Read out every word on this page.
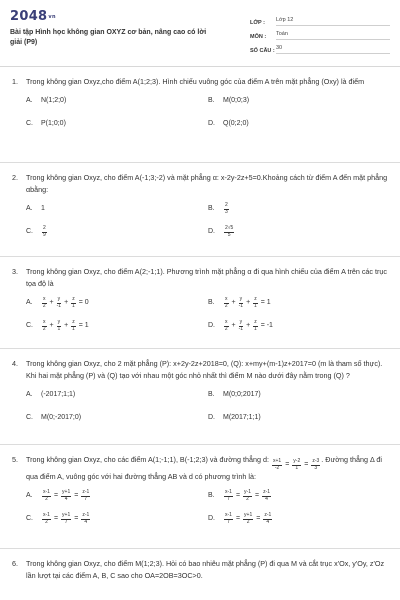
2048vn
Bài tập Hình học không gian OXYZ cơ bản, nâng cao có lời
giải (P9)
LỚP :	Lớp 12
MÔN :	Toán
SỐ CÂU : 30
1.	Trong không gian Oxyz,cho điểm A(1;2;3). Hình chiếu vuông góc của điểm A trên mặt phẳng (Oxy) là điểm
A.	N(1;2;0)	B.	M(0;0;3)
C.	P(1;0;0)	D.	Q(0;2;0)
2.	Trong không gian Oxyz, cho điểm A(-1;3;-2) và mặt phẳng α: x-2y-2z+5=0.Khoảng cách từ điểm A đến mặt phẳng αbằng:
A.	1	B.	$\frac{2}{3}$
C.	$\frac{2}{9}$	D.	$\frac{2√5}{5}$
3.	Trong không gian Oxyz, cho điểm A(2;-1;1). Phương trình mặt phẳng α đi qua hình chiếu của điểm A trên các trục tọa độ là
A.	$\frac{x}{2} + \frac{y}{-1} + \frac{z}{1} = 0$	B.	$\frac{x}{2} + \frac{y}{-1} + \frac{z}{1} = 1$
C.	$\frac{x}{2} + \frac{y}{1} + \frac{z}{1} = 1$	D.	$\frac{x}{2} + \frac{y}{-1} + \frac{z}{1} = -1$
4.	Trong không gian Oxyz, cho 2 mặt phẳng (P): x+2y-2z+2018=0, (Q): x+my+(m-1)z+2017=0 (m là tham số thực). Khi hai mặt phẳng (P) và (Q) tạo với nhau một góc nhỏ nhất thì điểm M nào dưới đây nằm trong (Q) ?
A.	(-2017;1;1)	B.	M(0;0;2017)
C.	M(0;-2017;0)	D.	M(2017;1;1)
5.	Trong không gian Oxyz, cho các điểm A(1;-1;1), B(-1;2;3) và đường thẳng d: $\frac{x+1}{-2} = \frac{y-2}{1} = \frac{z-3}{3}$ . Đường thẳng Δ đi qua điểm A, vuông góc với hai đường thẳng AB và d có phương trình là:
A.	$\frac{x-1}{2} = \frac{y+1}{4} = \frac{z-1}{7}$	B.	$\frac{x-1}{7} = \frac{y-1}{2} = \frac{z-1}{4}$
C.	$\frac{x-1}{2} = \frac{y+1}{7} = \frac{z-1}{4}$	D.	$\frac{x-1}{7} = \frac{y+1}{2} = \frac{z-1}{4}$
6.	Trong không gian Oxyz, cho điểm M(1;2;3). Hỏi có bao nhiêu mặt phẳng (P) đi qua M và cắt trục x'Ox, y'Oy, z'Oz lần lượt tại các điểm A, B, C sao cho OA=2OB=3OC>0.
